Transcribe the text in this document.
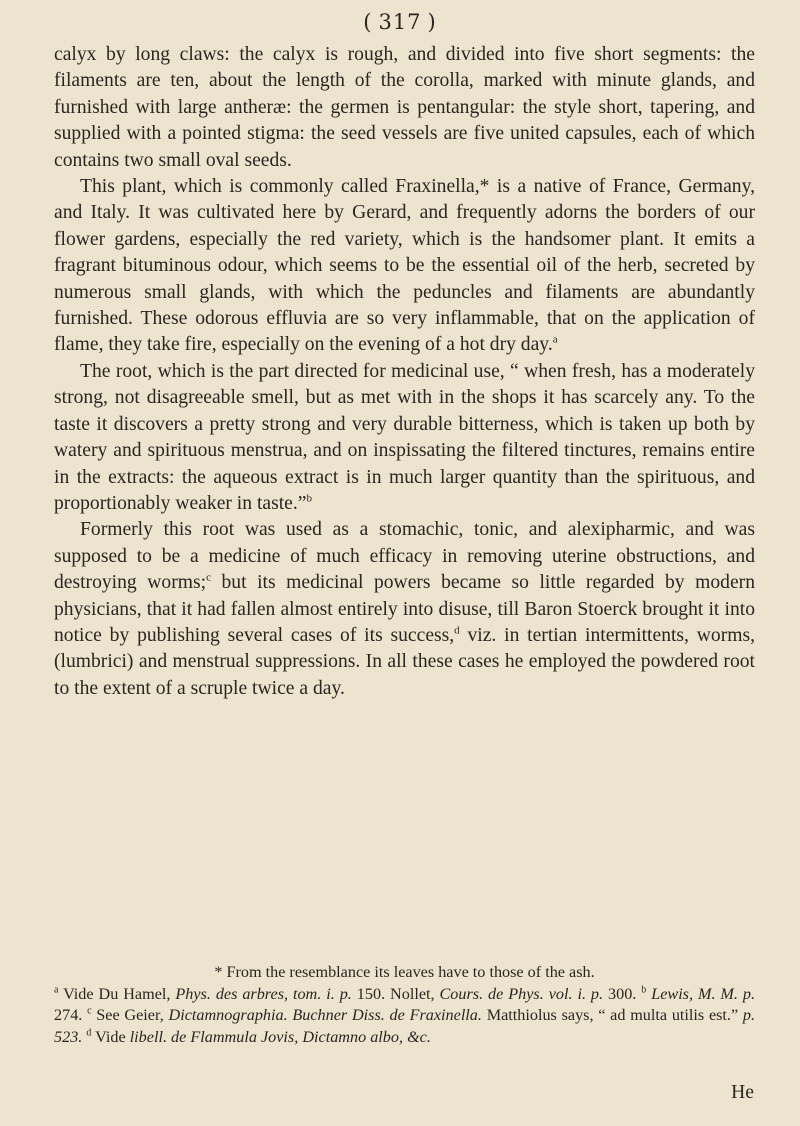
( 317 )

calyx by long claws: the calyx is rough, and divided into five short segments: the filaments are ten, about the length of the corolla, marked with minute glands, and furnished with large antheræ: the germen is pentangular: the style short, tapering, and supplied with a pointed stigma: the seed vessels are five united capsules, each of which contains two small oval seeds.

This plant, which is commonly called Fraxinella,* is a native of France, Germany, and Italy. It was cultivated here by Gerard, and frequently adorns the borders of our flower gardens, especially the red variety, which is the handsomer plant. It emits a fragrant bituminous odour, which seems to be the essential oil of the herb, secreted by numerous small glands, with which the peduncles and filaments are abundantly furnished. These odorous effluvia are so very inflammable, that on the application of flame, they take fire, especially on the evening of a hot dry day.$^a$

The root, which is the part directed for medicinal use, “ when fresh, has a moderately strong, not disagreeable smell, but as met with in the shops it has scarcely any. To the taste it discovers a pretty strong and very durable bitterness, which is taken up both by watery and spirituous menstrua, and on inspissating the filtered tinctures, remains entire in the extracts: the aqueous extract is in much larger quantity than the spirituous, and proportionably weaker in taste.”$^b$

Formerly this root was used as a stomachic, tonic, and alexipharmic, and was supposed to be a medicine of much efficacy in removing uterine obstructions, and destroying worms;$^c$ but its medicinal powers became so little regarded by modern physicians, that it had fallen almost entirely into disuse, till Baron Stoerck brought it into notice by publishing several cases of its success,$^d$ viz. in tertian intermittents, worms, (lumbrici) and menstrual suppressions. In all these cases he employed the powdered root to the extent of a scruple twice a day.

* From the resemblance its leaves have to those of the ash.

$^a$ Vide Du Hamel, Phys. des arbres, tom. i. p. 150. Nollet, Cours. de Phys. vol. i. p. 300. $^b$ Lewis, M. M. p. 274. $^c$ See Geier, Dictamnographia. Buchner Diss. de Fraxinella. Matthiolus says, “ ad multa utilis est.” p. 523. $^d$ Vide libell. de Flammula Jovis, Dictamno albo, &c.

He
